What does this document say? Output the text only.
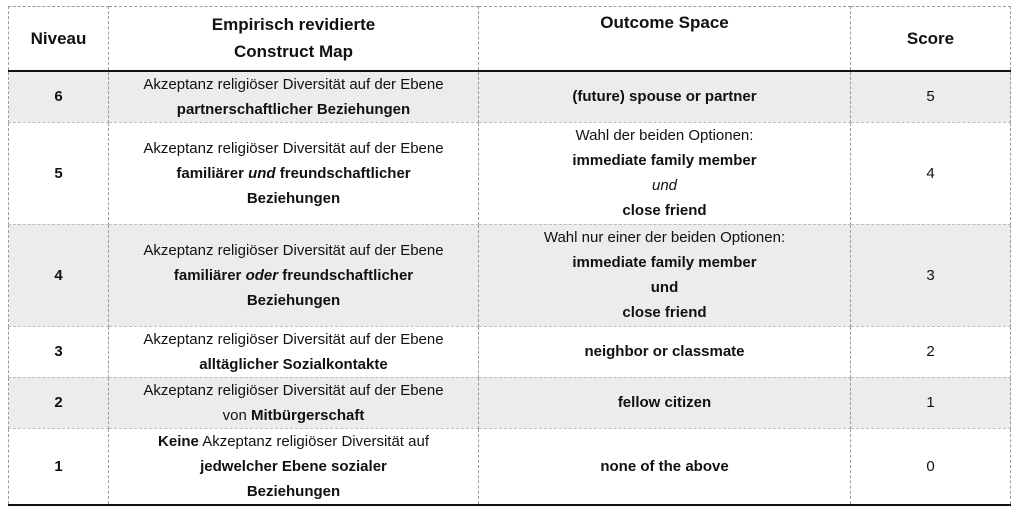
Niveau	Empirisch revidierte
Construct Map	Outcome Space	Score
6	Akzeptanz religiöser Diversität auf der Ebene
partnerschaftlicher Beziehungen	(future) spouse or partner	5
5	Akzeptanz religiöser Diversität auf der Ebene
familiärer und freundschaftlicher
Beziehungen	Wahl der beiden Optionen:
immediate family member
und
close friend	4
4	Akzeptanz religiöser Diversität auf der Ebene
familiärer oder freundschaftlicher
Beziehungen	Wahl nur einer der beiden Optionen:
immediate family member
und
close friend	3
3	Akzeptanz religiöser Diversität auf der Ebene
alltäglicher Sozialkontakte	neighbor or classmate	2
2	Akzeptanz religiöser Diversität auf der Ebene
von Mitbürgerschaft	fellow citizen	1
1	Keine Akzeptanz religiöser Diversität auf
jedwelcher Ebene sozialer
Beziehungen	none of the above	0
